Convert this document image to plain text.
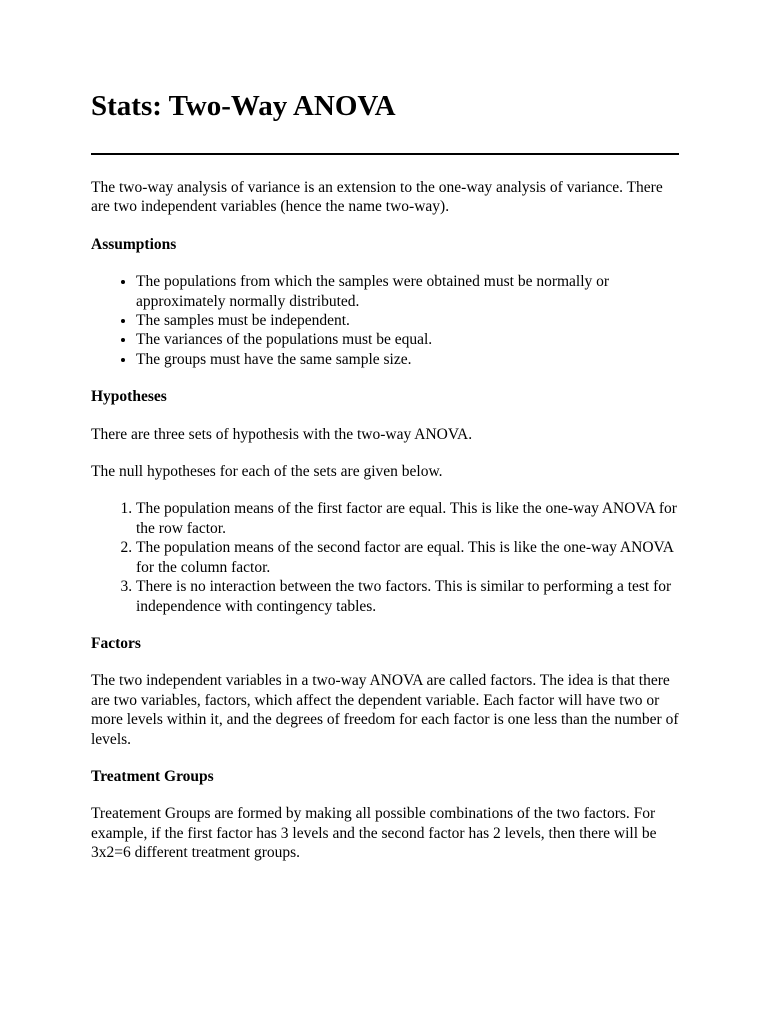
Stats: Two-Way ANOVA

The two-way analysis of variance is an extension to the one-way analysis of variance. There are two independent variables (hence the name two-way).

Assumptions
• The populations from which the samples were obtained must be normally or approximately normally distributed.
• The samples must be independent.
• The variances of the populations must be equal.
• The groups must have the same sample size.
Hypotheses

There are three sets of hypothesis with the two-way ANOVA.

The null hypotheses for each of the sets are given below.

1. The population means of the first factor are equal. This is like the one-way ANOVA for the row factor.
2. The population means of the second factor are equal. This is like the one-way ANOVA for the column factor.
3. There is no interaction between the two factors. This is similar to performing a test for independence with contingency tables.
Factors

The two independent variables in a two-way ANOVA are called factors. The idea is that there are two variables, factors, which affect the dependent variable. Each factor will have two or more levels within it, and the degrees of freedom for each factor is one less than the number of levels.

Treatment Groups

Treatement Groups are formed by making all possible combinations of the two factors. For example, if the first factor has 3 levels and the second factor has 2 levels, then there will be 3x2=6 different treatment groups.
